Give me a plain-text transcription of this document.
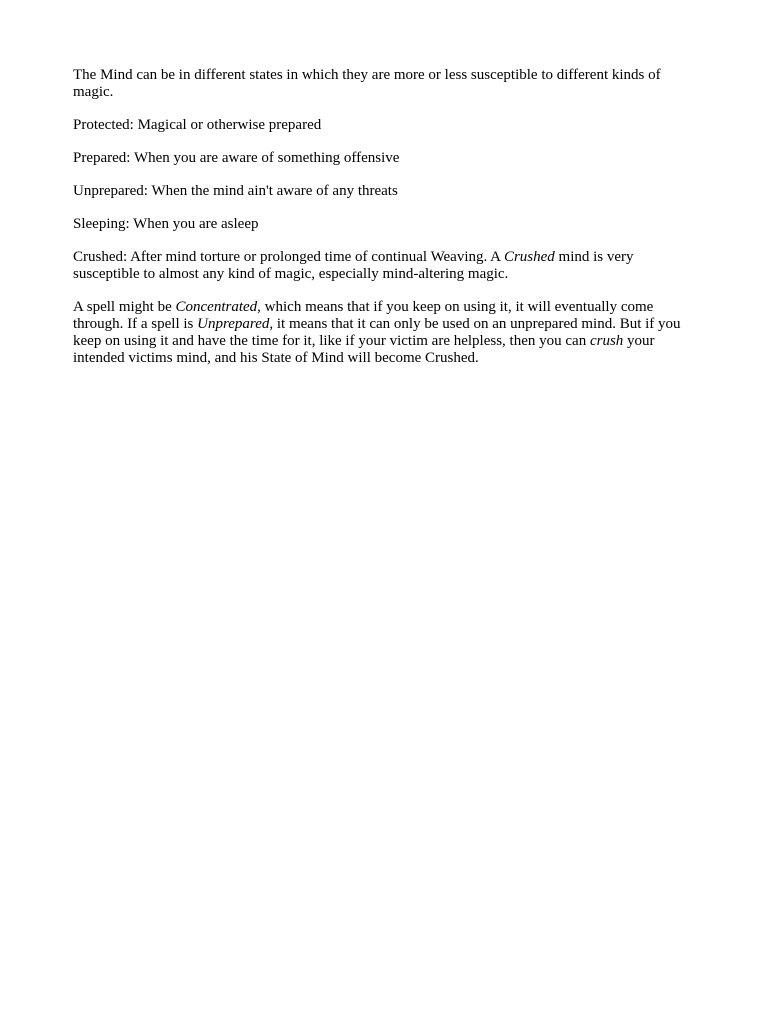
The Mind can be in different states in which they are more or less susceptible to different kinds of magic.

Protected: Magical or otherwise prepared

Prepared: When you are aware of something offensive

Unprepared: When the mind ain't aware of any threats

Sleeping: When you are asleep

Crushed: After mind torture or prolonged time of continual Weaving. A Crushed mind is very susceptible to almost any kind of magic, especially mind-altering magic.

A spell might be Concentrated, which means that if you keep on using it, it will eventually come through. If a spell is Unprepared, it means that it can only be used on an unprepared mind. But if you keep on using it and have the time for it, like if your victim are helpless, then you can crush your intended victims mind, and his State of Mind will become Crushed.
